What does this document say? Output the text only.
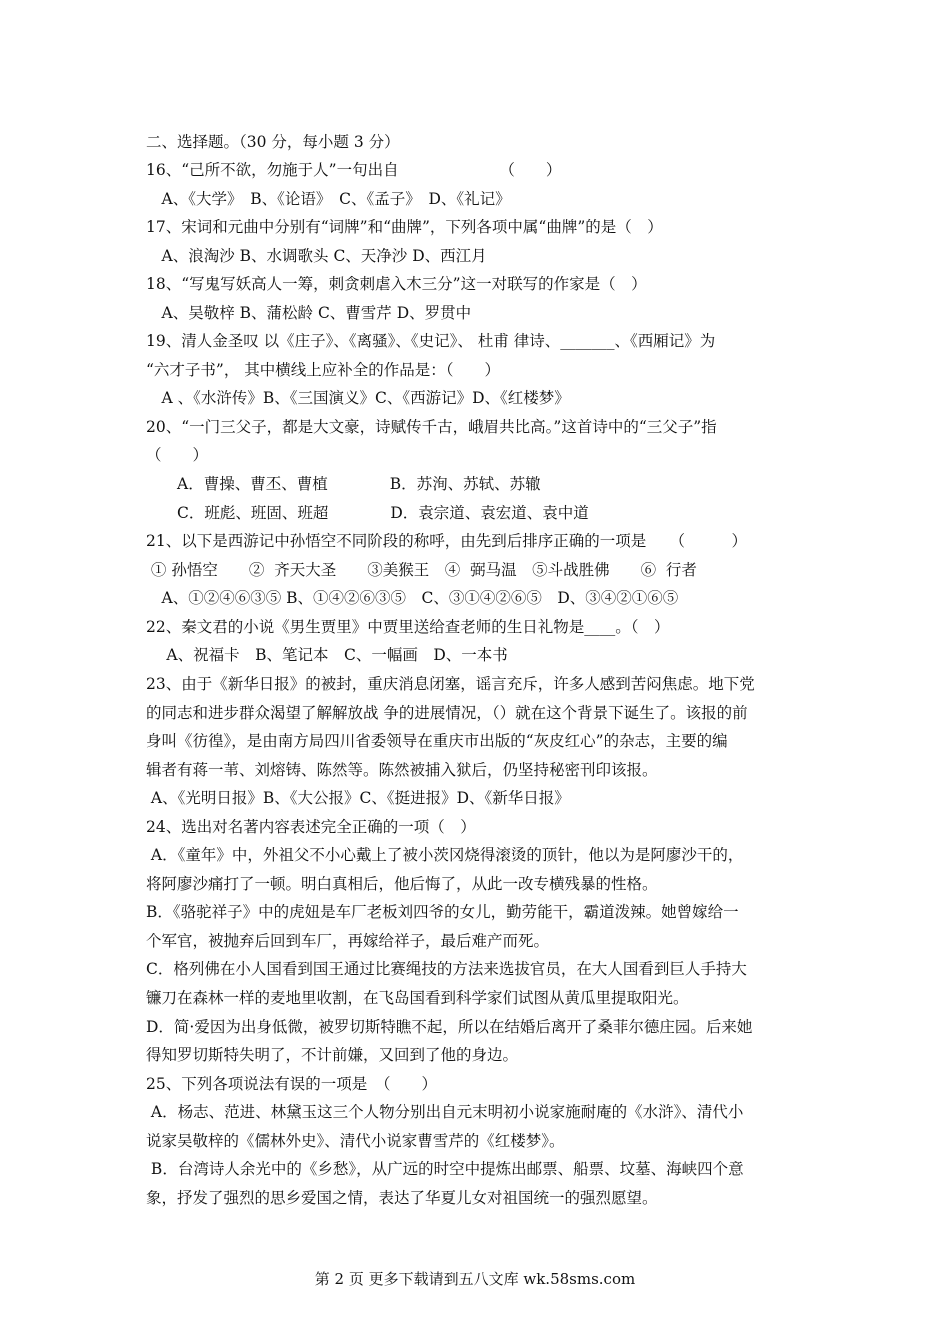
二、选择题。（30 分，每小题 3 分）
16、“己所不欲，勿施于人”一句出自　　　　　　　（　　）
　A、《大学》　B、《论语》　C、《孟子》　D、《礼记》
17、宋词和元曲中分别有“词牌”和“曲牌”，下列各项中属“曲牌”的是（　）
　A、浪淘沙 B、水调歌头 C、天净沙 D、西江月
18、“写鬼写妖高人一筹，刺贪刺虐入木三分”这一对联写的作家是（　）
　A、吴敬梓 B、蒲松龄 C、曹雪芹 D、罗贯中
19、清人金圣叹 以《庄子》、《离骚》、《史记》、 杜甫 律诗、_______、《西厢记》为
“六才子书”， 其中横线上应补全的作品是：（　　）
　A 、《水浒传》B、《三国演义》C、《西游记》D、《红楼梦》
20、“一门三父子，都是大文豪，诗赋传千古，峨眉共比高。”这首诗中的“三父子”指
（　　）
　　A．曹操、曹丕、曹植　　　　B．苏洵、苏轼、苏辙
　　C．班彪、班固、班超　　　　D．袁宗道、袁宏道、袁中道
21、以下是西游记中孙悟空不同阶段的称呼，由先到后排序正确的一项是　　（　　　）
① 孙悟空　　②  齐天大圣　　③美猴王　④  弼马温　⑤斗战胜佛　　⑥  行者
　A、①②④⑥③⑤ B、①④②⑥③⑤　C、③①④②⑥⑤　D、③④②①⑥⑤
22、秦文君的小说《男生贾里》中贾里送给查老师的生日礼物是____。（　）
　 A、祝福卡　B、笔记本　C、一幅画　D、一本书
23、由于《新华日报》的被封，重庆消息闭塞，谣言充斥，许多人感到苦闷焦虑。地下党
的同志和进步群众渴望了解解放战 争的进展情况，（）就在这个背景下诞生了。该报的前
身叫《彷徨》，是由南方局四川省委领导在重庆市出版的“灰皮红心”的杂志，主要的编
辑者有蒋一苇、刘熔铸、陈然等。陈然被捕入狱后，仍坚持秘密刊印该报。
A、《光明日报》B、《大公报》C、《挺进报》D、《新华日报》
24、选出对名著内容表述完全正确的一项（　）
A．《童年》中，外祖父不小心戴上了被小茨冈烧得滚烫的顶针，他以为是阿廖沙干的，
将阿廖沙痛打了一顿。明白真相后，他后悔了，从此一改专横残暴的性格。
B．《骆驼祥子》中的虎妞是车厂老板刘四爷的女儿，勤劳能干，霸道泼辣。她曾嫁给一
个军官，被抛弃后回到车厂，再嫁给祥子，最后难产而死。
C．格列佛在小人国看到国王通过比赛绳技的方法来选拔官员，在大人国看到巨人手持大
镰刀在森林一样的麦地里收割，在飞岛国看到科学家们试图从黄瓜里提取阳光。
D．简·爱因为出身低微，被罗切斯特瞧不起，所以在结婚后离开了桑菲尔德庄园。后来她
得知罗切斯特失明了，不计前嫌，又回到了他的身边。
25、下列各项说法有误的一项是　（　　）
A．杨志、范进、林黛玉这三个人物分别出自元末明初小说家施耐庵的《水浒》、清代小
说家吴敬梓的《儒林外史》、清代小说家曹雪芹的《红楼梦》。
B．台湾诗人余光中的《乡愁》，从广远的时空中提炼出邮票、船票、坟墓、海峡四个意
象，抒发了强烈的思乡爱国之情，表达了华夏儿女对祖国统一的强烈愿望。
第 2 页 更多下载请到五八文库 wk.58sms.com
